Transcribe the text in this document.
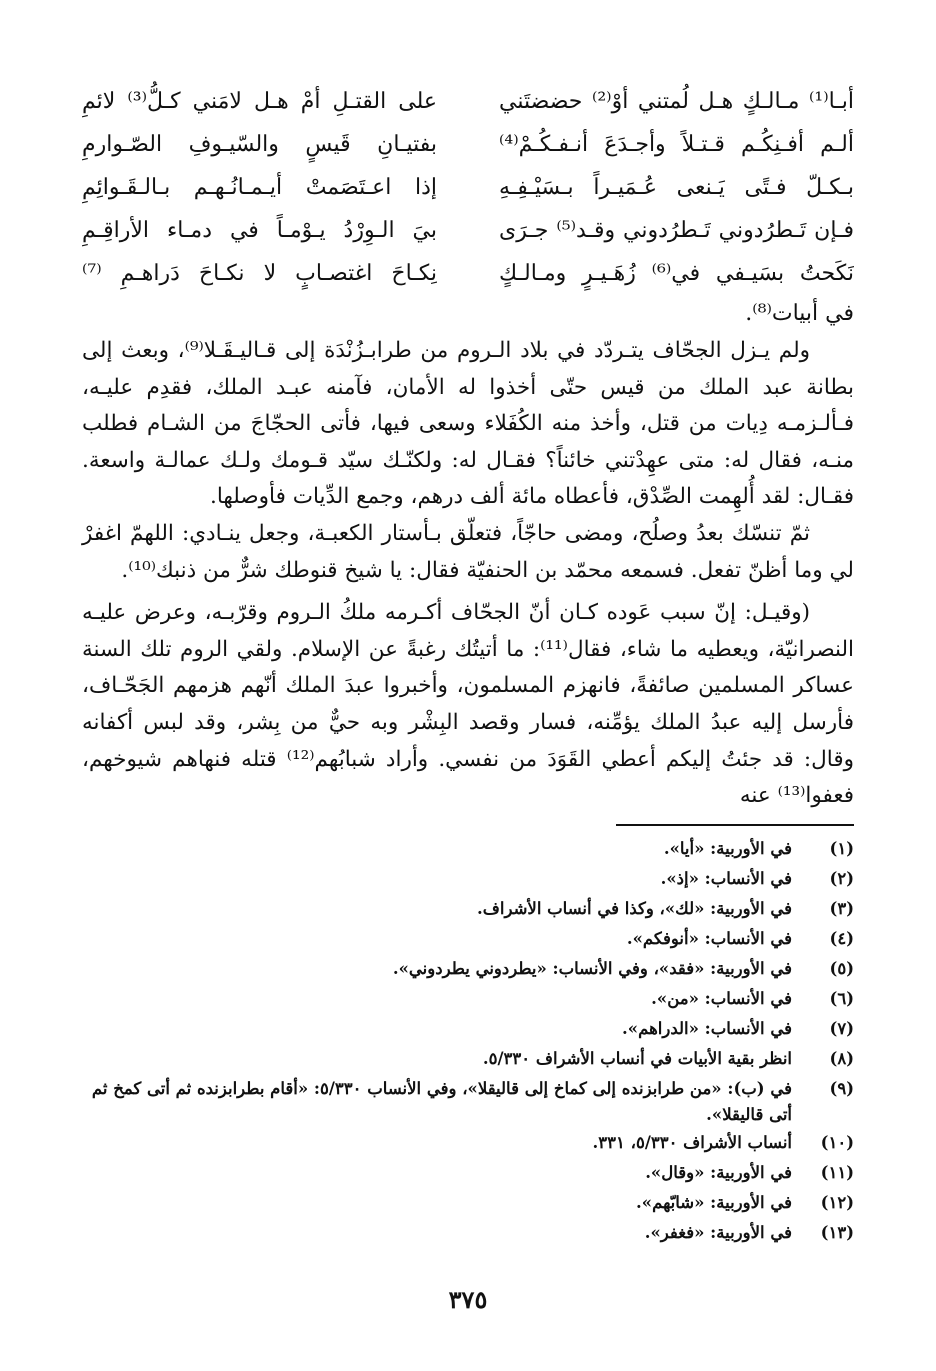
أبـا⁽¹⁾ مـالـكٍ هـل لُمتني أوْ⁽²⁾ حضضتَني
على القتـلِ أمْ هـل لامَني كـلُّ⁽³⁾ لائمِ
ألـم أفـنِكُـم قـتـلاً وأجـدَعَ أنـفـكُـمْ⁽⁴⁾
بفتيـانِ قَيسٍ والسّيـوفِ الصّـوارمِ
بـكـلّ فـتًى يَـنعى عُـمَيـراً بـسَيْـفِـهِ
إذا اعـتَصَمتْ أيـمـانُـهـم بـالـقَـوائِمِ
فـإن تَـطرُدوني تَـطرُدوني وقـد⁽⁵⁾ جـرَى
بيَ الـوِرْدُ يـوْمـاً في دمـاء الأراقِـمِ
نَكَحتُ بسَيـفي في⁽⁶⁾ زُهَـيـرٍ ومـالـكٍ
نِكـاحَ اغتصـابٍ لا نكـاحَ دَراهـمِ ⁽⁷⁾
في أبيات⁽⁸⁾.

ولم يـزل الجحّاف يتـردّد في بلاد الـروم من طرابـزُنْدَة إلى قـاليـقَـلا⁽⁹⁾، وبعث إلى بطانة عبد الملك من قيس حتّى أخذوا له الأمان، فآمنه عبـد الملك، فقدِم عليـه، فـألـزمـه دِيات من قتل، وأخذ منه الكُفَلاء وسعى فيها، فأتى الحجّاجَ من الشـام فطلب منـه، فقال له: متى عهِدْتني خائناً؟ فقـال له: ولكنّـك سيّد قـومك ولـك عمالـة واسعة. فقـال: لقد أُلهِمت الصِّدْق، فأعطاه مائة ألف درهم، وجمع الدِّيات فأوصلها.

ثمّ تنسّك بعدُ وصلُح، ومضى حاجّاً، فتعلّق بـأستار الكعبـة، وجعل ينـادي: اللهمّ اغفرْ لي وما أظنّ تفعل. فسمعه محمّد بن الحنفيّة فقال: يا شيخ قنوطك شرٌّ من ذنبك⁽¹⁰⁾.

(وقيـل: إنّ سبب عَوده كـان أنّ الجحّاف أكـرمه ملكُ الـروم وقرّبـه، وعرض عليـه النصرانيّة، ويعطيه ما شاء، فقال⁽¹¹⁾: ما أتيتُك رغبةً عن الإسلام. ولقي الروم تلك السنة عساكر المسلمين صائفةً، فانهزم المسلمون، وأخبروا عبدَ الملك أنّهم هزمهم الجَحّـاف، فأرسل إليه عبدُ الملك يؤمِّنه، فسار وقصد البِشْر وبه حيٌّ من بِشر، وقد لبس أكفانه وقال: قد جئتُ إليكم أعطي القَوَدَ من نفسي. وأراد شبابُهم⁽¹²⁾ قتله فنهاهم شيوخهم، فعفوا⁽¹³⁾ عنه

(١)
في الأوربية: «أيا».
(٢)
في الأنساب: «إذ».
(٣)
في الأوربية: «لك»، وكذا في أنساب الأشراف.
(٤)
في الأنساب: «أنوفكم».
(٥)
في الأوربية: «فقد»، وفي الأنساب: «يطردوني يطردوني».
(٦)
في الأنساب: «من».
(٧)
في الأنساب: «الدراهم».
(٨)
انظر بقية الأبيات في أنساب الأشراف ٥/٣٣٠.
(٩)
في (ب): «من طرابزنده إلى كماخ إلى قاليقلا»، وفي الأنساب ٥/٣٣٠: «أقام بطرابزنده ثم أتى كمخ ثم أتى قاليقلا».
(١٠)
أنساب الأشراف ٥/٣٣٠، ٣٣١.
(١١)
في الأوربية: «وقال».
(١٢)
في الأوربية: «شابّهم».
(١٣)
في الأوربية: «فغفر».
٣٧٥
